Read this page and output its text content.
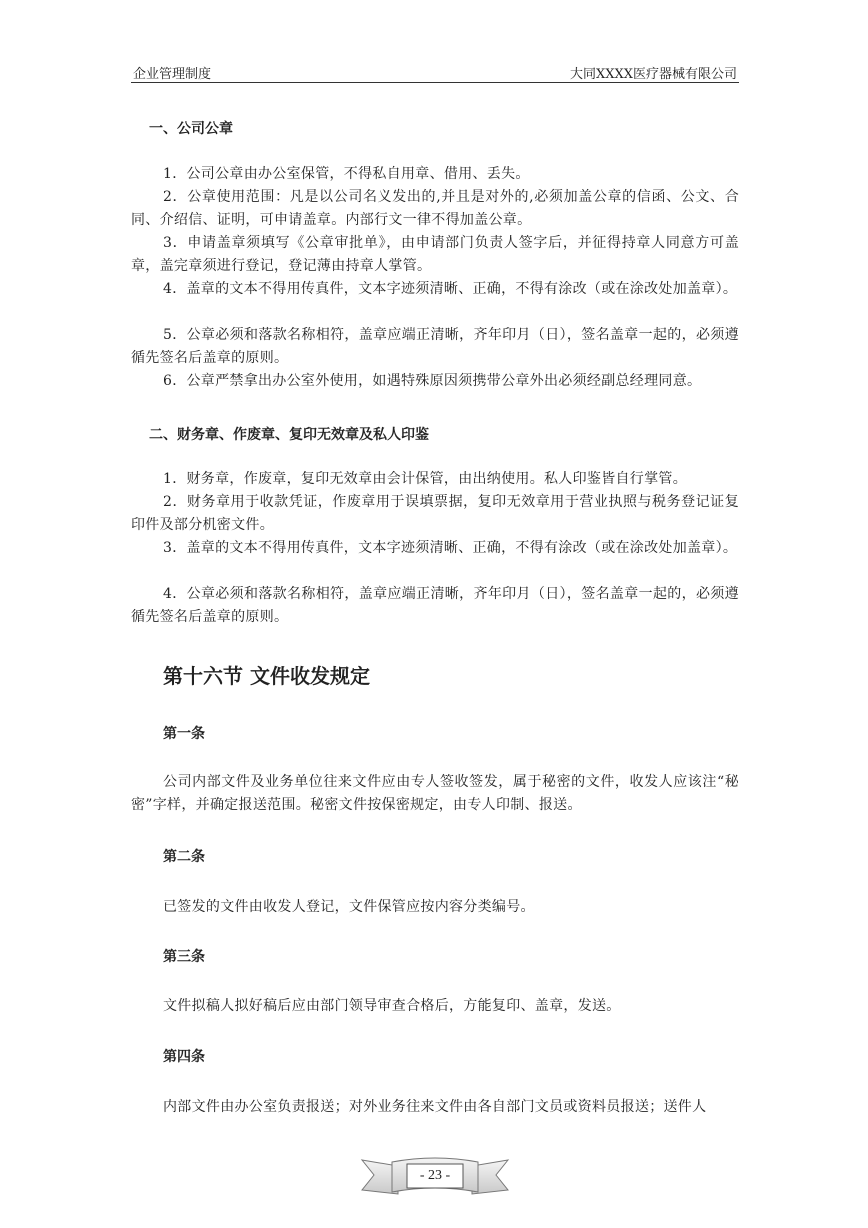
企业管理制度	大同XXXX医疗器械有限公司
一、公司公章
1．公司公章由办公室保管，不得私自用章、借用、丢失。
2．公章使用范围：凡是以公司名义发出的,并且是对外的,必须加盖公章的信函、公文、合同、介绍信、证明，可申请盖章。内部行文一律不得加盖公章。
3．申请盖章须填写《公章审批单》，由申请部门负责人签字后，并征得持章人同意方可盖章，盖完章须进行登记，登记薄由持章人掌管。
4．盖章的文本不得用传真件，文本字迹须清晰、正确，不得有涂改（或在涂改处加盖章）。
5．公章必须和落款名称相符，盖章应端正清晰，齐年印月（日），签名盖章一起的，必须遵循先签名后盖章的原则。
6．公章严禁拿出办公室外使用，如遇特殊原因须携带公章外出必须经副总经理同意。
二、财务章、作废章、复印无效章及私人印鉴
1．财务章，作废章，复印无效章由会计保管，由出纳使用。私人印鉴皆自行掌管。
2．财务章用于收款凭证，作废章用于误填票据，复印无效章用于营业执照与税务登记证复印件及部分机密文件。
3．盖章的文本不得用传真件，文本字迹须清晰、正确，不得有涂改（或在涂改处加盖章）。
4．公章必须和落款名称相符，盖章应端正清晰，齐年印月（日），签名盖章一起的，必须遵循先签名后盖章的原则。
第十六节 文件收发规定
第一条
公司内部文件及业务单位往来文件应由专人签收签发，属于秘密的文件，收发人应该注“秘密”字样，并确定报送范围。秘密文件按保密规定，由专人印制、报送。
第二条
已签发的文件由收发人登记，文件保管应按内容分类编号。
第三条
文件拟稿人拟好稿后应由部门领导审查合格后，方能复印、盖章，发送。
第四条
内部文件由办公室负责报送；对外业务往来文件由各自部门文员或资料员报送；送件人
- 23 -
